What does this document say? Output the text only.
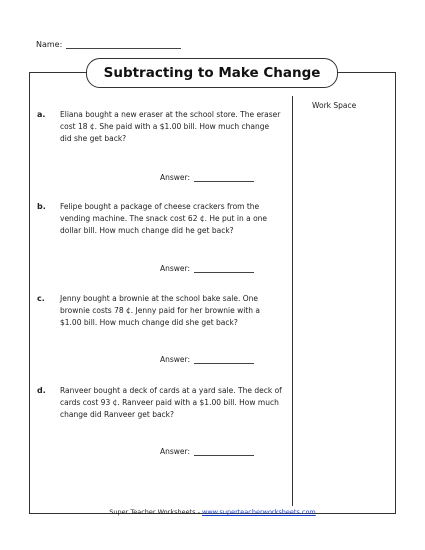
Name:
Subtracting to Make Change
Work Space
a. Eliana bought a new eraser at the school store. The eraser cost 18 ¢. She paid with a $1.00 bill. How much change did she get back?
Answer:
b. Felipe bought a package of cheese crackers from the vending machine. The snack cost 62 ¢. He put in a one dollar bill. How much change did he get back?
Answer:
c. Jenny bought a brownie at the school bake sale. One brownie costs 78 ¢. Jenny paid for her brownie with a $1.00 bill. How much change did she get back?
Answer:
d. Ranveer bought a deck of cards at a yard sale. The deck of cards cost 93 ¢. Ranveer paid with a $1.00 bill. How much change did Ranveer get back?
Answer:
Super Teacher Worksheets - www.superteacherworksheets.com
